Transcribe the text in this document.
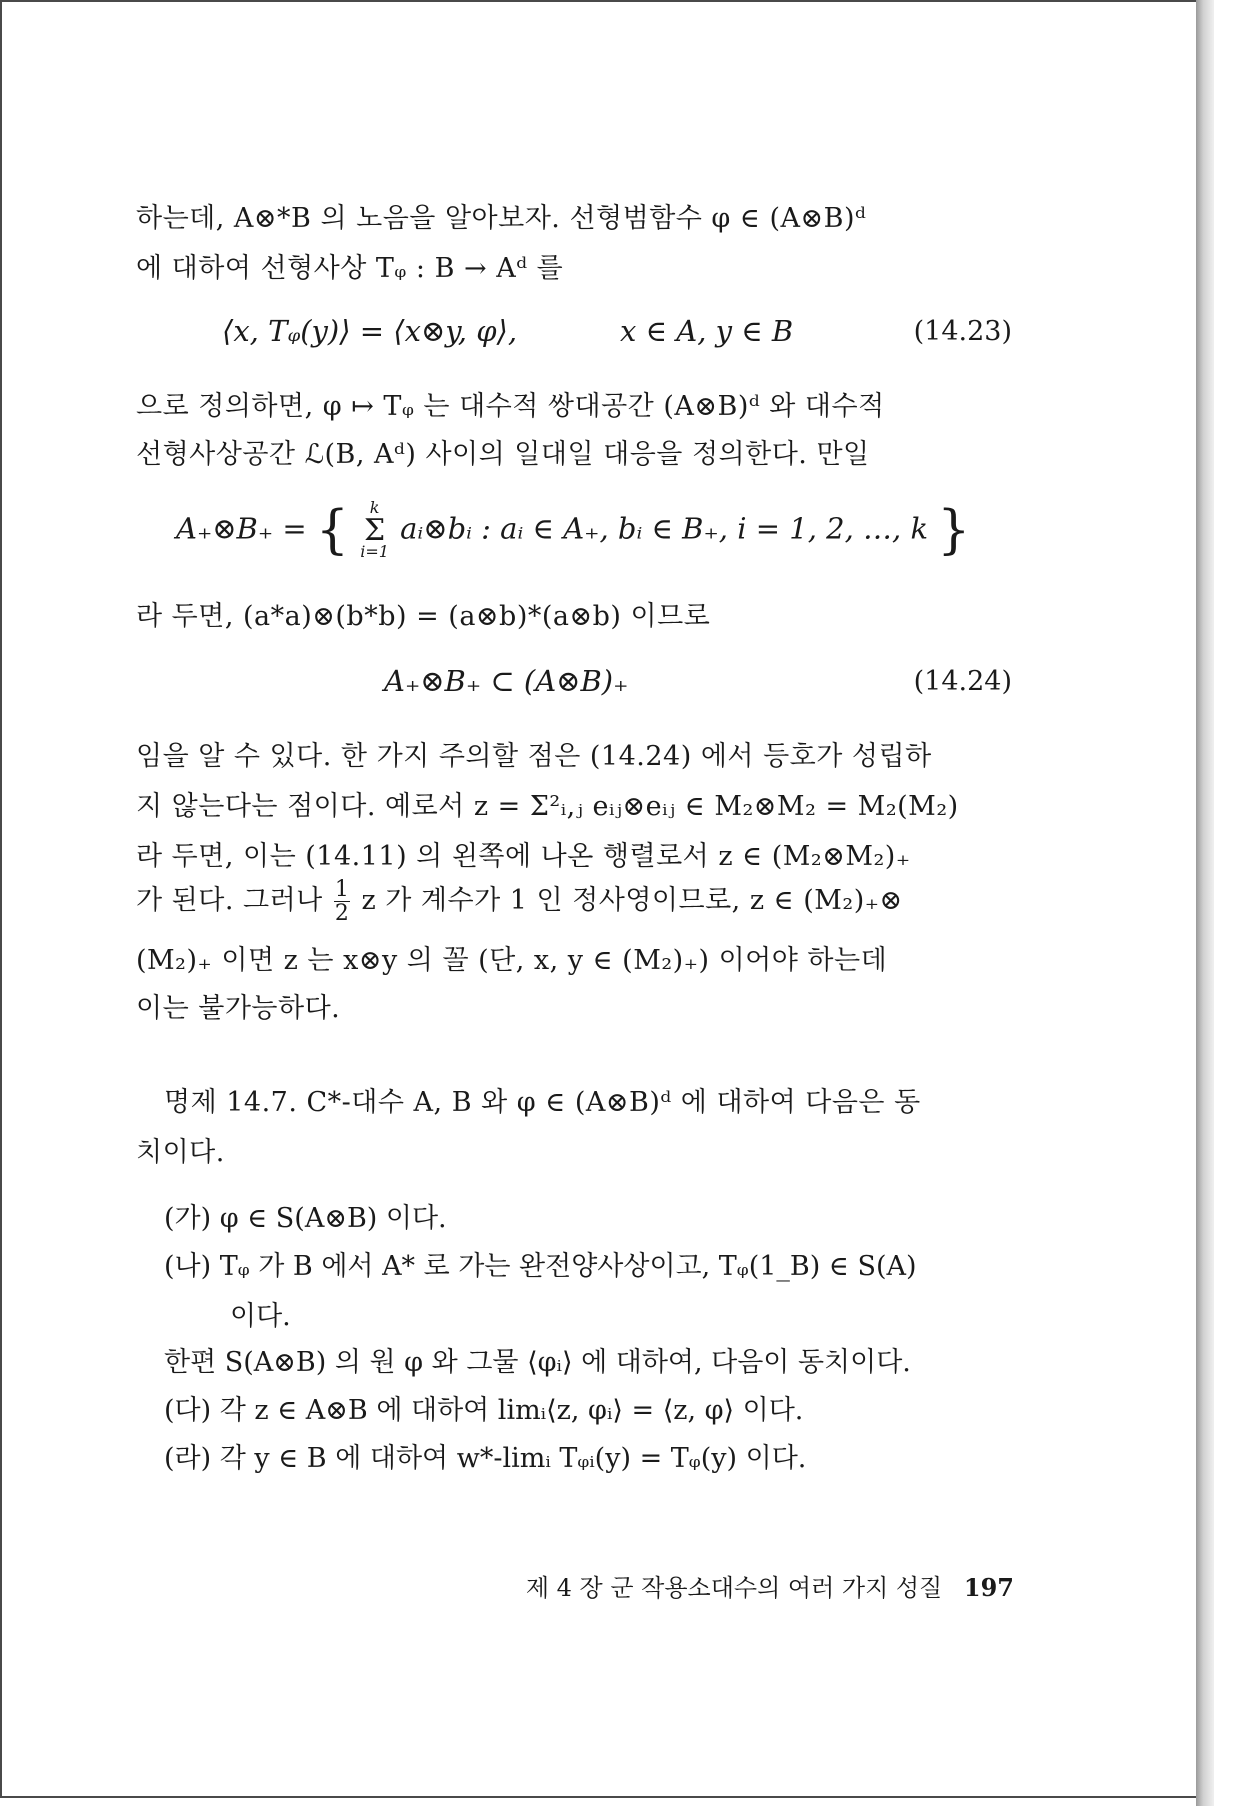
하는데, A⊗*B 의 노음을 알아보자. 선형범함수 φ ∈ (A⊗B)ᵈ
에 대하여 선형사상 Tᵩ : B → Aᵈ 를
⟨x, Tᵩ(y)⟩ = ⟨x⊗y, φ⟩,	x ∈ A, y ∈ B	(14.23)
으로 정의하면, φ ↦ Tᵩ 는 대수적 쌍대공간 (A⊗B)ᵈ 와 대수적
선형사상공간 ℒ(B, Aᵈ) 사이의 일대일 대응을 정의한다. 만일
A₊⊗B₊ = {	k
Σ
i=1
aᵢ⊗bᵢ : aᵢ ∈ A₊, bᵢ ∈ B₊, i = 1, 2, …, k }
라 두면, (a*a)⊗(b*b) = (a⊗b)*(a⊗b) 이므로
A₊⊗B₊ ⊂ (A⊗B)₊	(14.24)
임을 알 수 있다. 한 가지 주의할 점은 (14.24) 에서 등호가 성립하
지 않는다는 점이다. 예로서 z = Σ²ᵢ,ⱼ eᵢⱼ⊗eᵢⱼ ∈ M₂⊗M₂ = M₂(M₂)
라 두면, 이는 (14.11) 의 왼쪽에 나온 행렬로서 z ∈ (M₂⊗M₂)₊
가 된다. 그러나 $\frac{1}{2}$ z 가 계수가 1 인 정사영이므로, z ∈ (M₂)₊⊗
(M₂)₊ 이면 z 는 x⊗y 의 꼴 (단, x, y ∈ (M₂)₊) 이어야 하는데
이는 불가능하다.
명제 14.7. C*-대수 A, B 와 φ ∈ (A⊗B)ᵈ 에 대하여 다음은 동
치이다.
(가) φ ∈ S(A⊗B) 이다.
(나) Tᵩ 가 B 에서 A* 로 가는 완전양사상이고, Tᵩ(1_B) ∈ S(A)
이다.
한편 S(A⊗B) 의 원 φ 와 그물 ⟨φᵢ⟩ 에 대하여, 다음이 동치이다.
(다) 각 z ∈ A⊗B 에 대하여 limᵢ⟨z, φᵢ⟩ = ⟨z, φ⟩ 이다.
(라) 각 y ∈ B 에 대하여 w*-limᵢ Tᵩᵢ(y) = Tᵩ(y) 이다.
제 4 장 군 작용소대수의 여러 가지 성질 197
